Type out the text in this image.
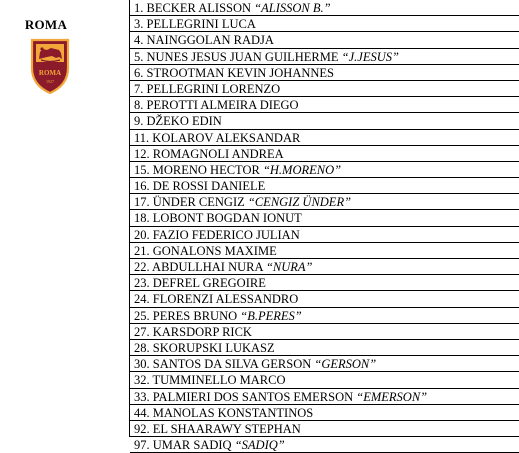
ROMA
ROMA
1927
1. BECKER ALISSON “ALISSON B.”
3. PELLEGRINI LUCA
4. NAINGGOLAN RADJA
5. NUNES JESUS JUAN GUILHERME “J.JESUS”
6. STROOTMAN KEVIN JOHANNES
7. PELLEGRINI LORENZO
8. PEROTTI ALMEIRA DIEGO
9. DŽEKO EDIN
11. KOLAROV ALEKSANDAR
12. ROMAGNOLI ANDREA
15. MORENO HECTOR “H.MORENO”
16. DE ROSSI DANIELE
17. ÜNDER CENGIZ “CENGIZ ÜNDER”
18. LOBONT BOGDAN IONUT
20. FAZIO FEDERICO JULIAN
21. GONALONS MAXIME
22. ABDULLHAI NURA “NURA”
23. DEFREL GREGOIRE
24. FLORENZI ALESSANDRO
25. PERES BRUNO “B.PERES”
27. KARSDORP RICK
28. SKORUPSKI LUKASZ
30. SANTOS DA SILVA GERSON “GERSON”
32. TUMMINELLO MARCO
33. PALMIERI DOS SANTOS EMERSON “EMERSON”
44. MANOLAS KONSTANTINOS
92. EL SHAARAWY STEPHAN
97. UMAR SADIQ “SADIQ”
